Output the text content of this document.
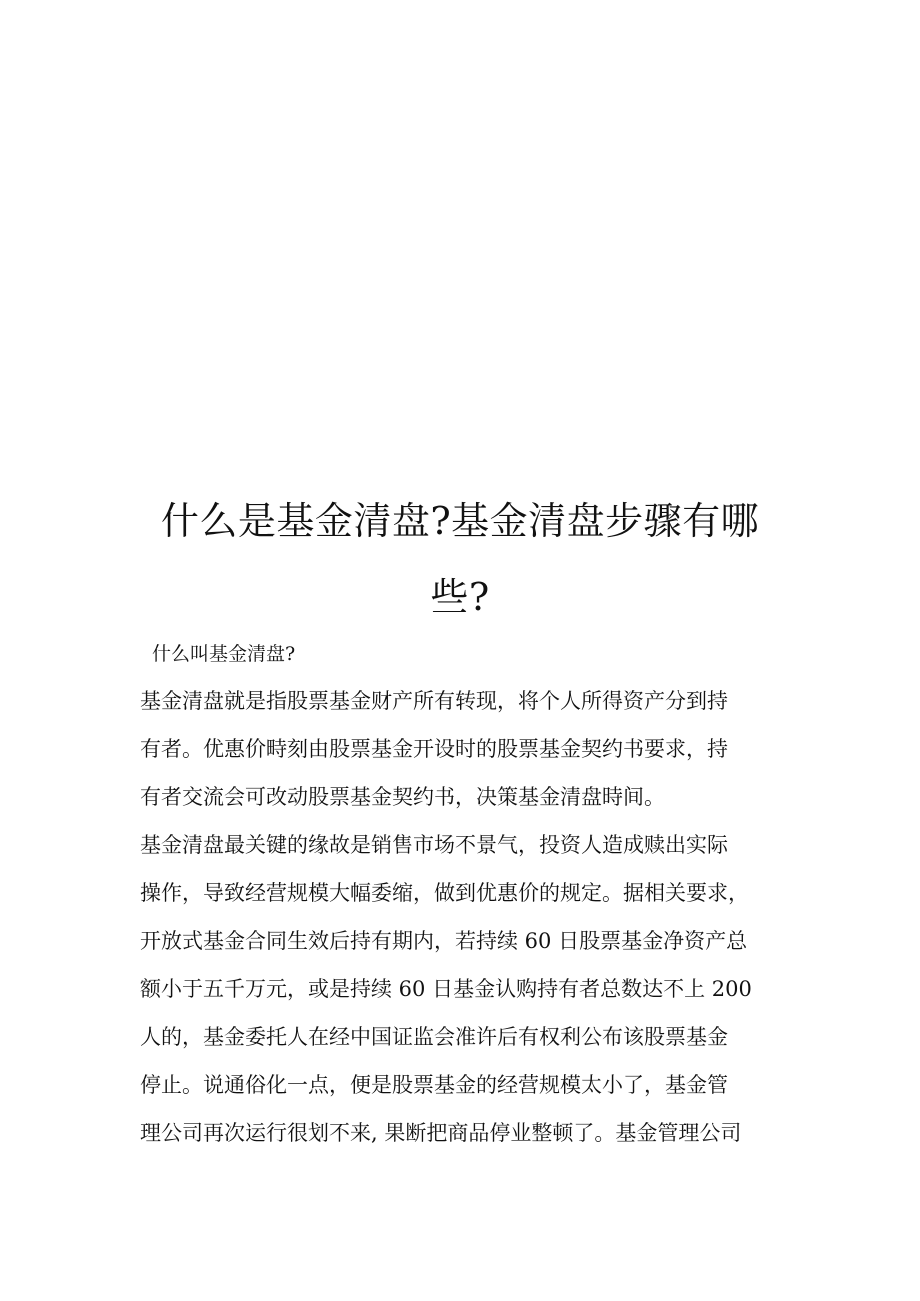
什么是基金清盘?基金清盘步骤有哪
些?
什么叫基金清盘?
基金清盘就是指股票基金财产所有转现，将个人所得资产分到持
有者。优惠价畤刻由股票基金开设时的股票基金契约书要求，持
有者交流会可改动股票基金契约书，决策基金清盘時间。
基金清盘最关键的缘故是销售市场不景气，投资人造成赎出实际
操作，导致经营规模大幅委缩，做到优惠价的规定。据相关要求，
开放式基金合同生效后持有期内，若持续 60 日股票基金净资产总
额小于五千万元，或是持续 60 日基金认购持有者总数达不上 200
人的，基金委托人在经中国证监会准许后有权利公布该股票基金
停止。说通俗化一点，便是股票基金的经营规模太小了，基金管
理公司再次运行很划不来, 果断把商品停业整顿了。基金管理公司
